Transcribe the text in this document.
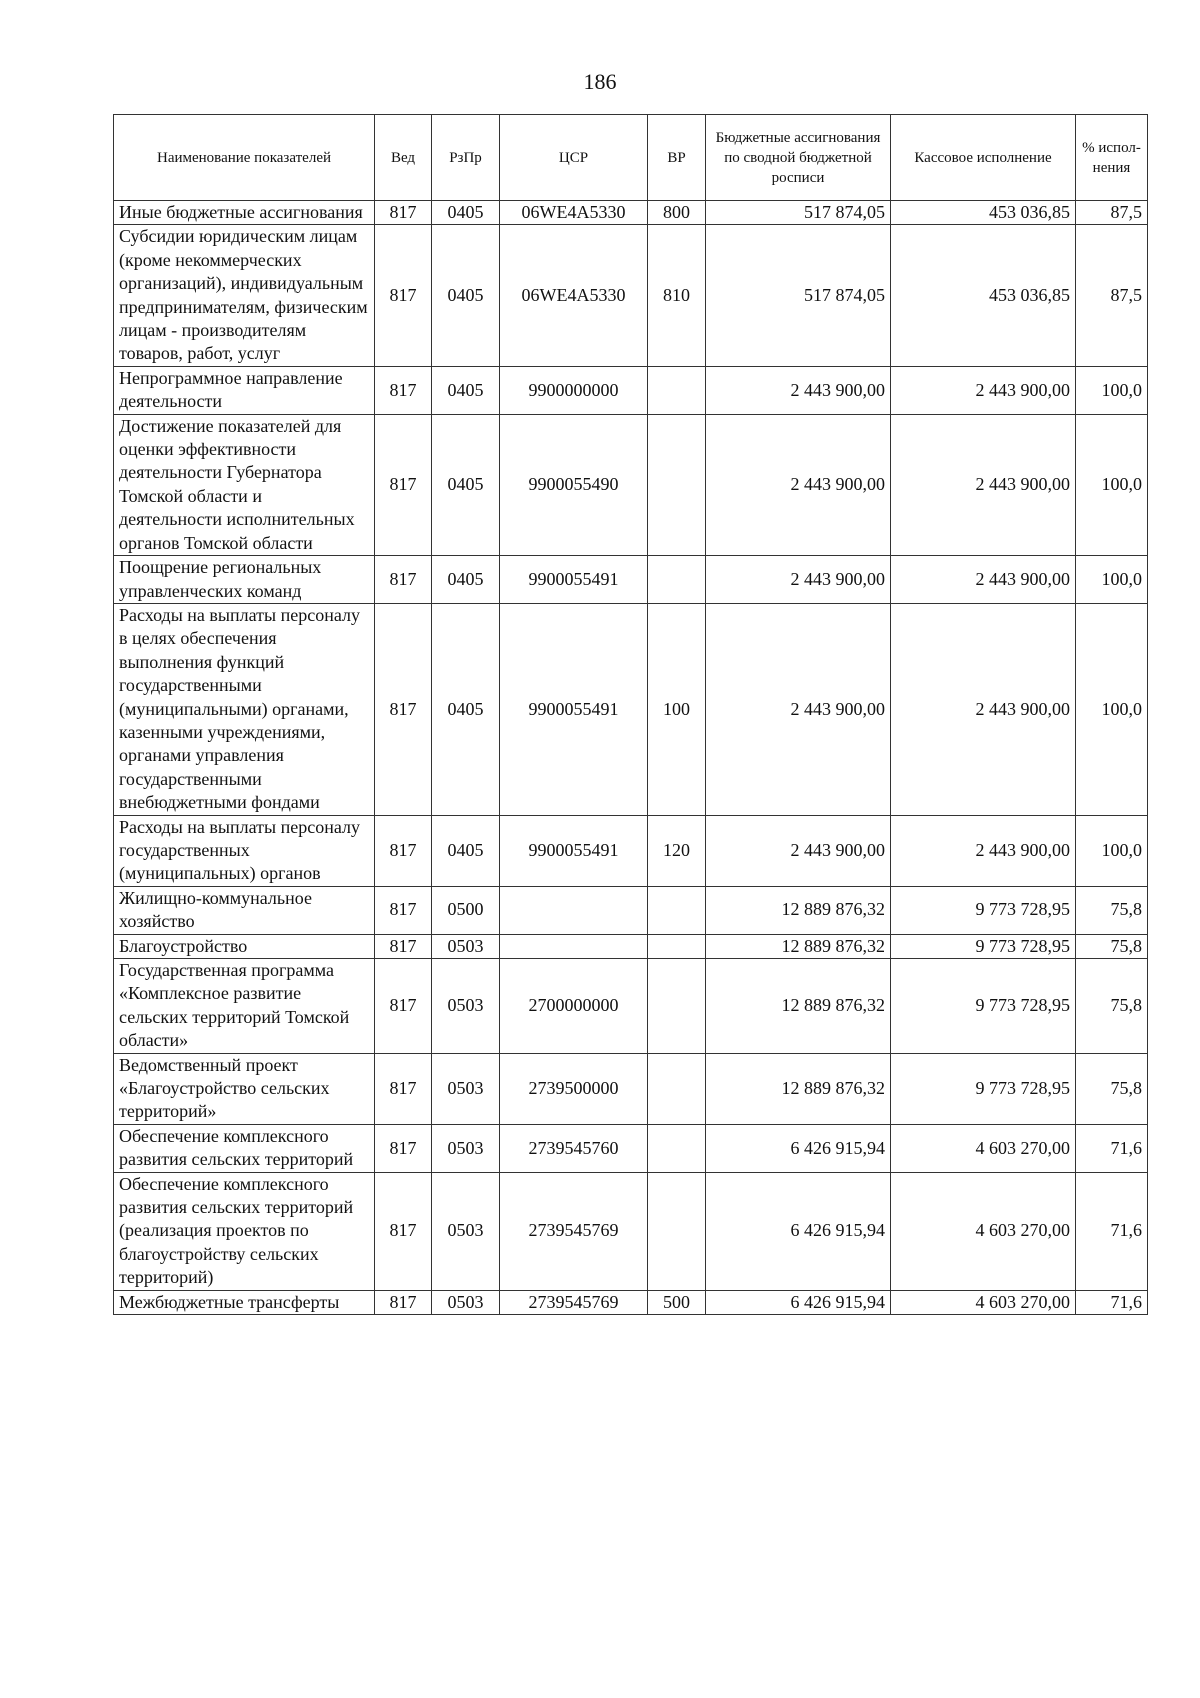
186
Наименование показателей	Вед	РзПр	ЦСР	ВР	Бюджетные ассигнования по сводной бюджетной росписи	Кассовое исполнение	% испол-нения
Иные бюджетные ассигнования	817	0405	06WE4A5330	800	517 874,05	453 036,85	87,5
Субсидии юридическим лицам (кроме некоммерческих организаций), индивидуальным предпринимателям, физическим лицам - производителям товаров, работ, услуг	817	0405	06WE4A5330	810	517 874,05	453 036,85	87,5
Непрограммное направление деятельности	817	0405	9900000000		2 443 900,00	2 443 900,00	100,0
Достижение показателей для оценки эффективности деятельности Губернатора Томской области и деятельности исполнительных органов Томской области	817	0405	9900055490		2 443 900,00	2 443 900,00	100,0
Поощрение региональных управленческих команд	817	0405	9900055491		2 443 900,00	2 443 900,00	100,0
Расходы на выплаты персоналу в целях обеспечения выполнения функций государственными (муниципальными) органами, казенными учреждениями, органами управления государственными внебюджетными фондами	817	0405	9900055491	100	2 443 900,00	2 443 900,00	100,0
Расходы на выплаты персоналу государственных (муниципальных) органов	817	0405	9900055491	120	2 443 900,00	2 443 900,00	100,0
Жилищно-коммунальное хозяйство	817	0500			12 889 876,32	9 773 728,95	75,8
Благоустройство	817	0503			12 889 876,32	9 773 728,95	75,8
Государственная программа «Комплексное развитие сельских территорий Томской области»	817	0503	2700000000		12 889 876,32	9 773 728,95	75,8
Ведомственный проект «Благоустройство сельских территорий»	817	0503	2739500000		12 889 876,32	9 773 728,95	75,8
Обеспечение комплексного развития сельских территорий	817	0503	2739545760		6 426 915,94	4 603 270,00	71,6
Обеспечение комплексного развития сельских территорий (реализация проектов по благоустройству сельских территорий)	817	0503	2739545769		6 426 915,94	4 603 270,00	71,6
Межбюджетные трансферты	817	0503	2739545769	500	6 426 915,94	4 603 270,00	71,6
